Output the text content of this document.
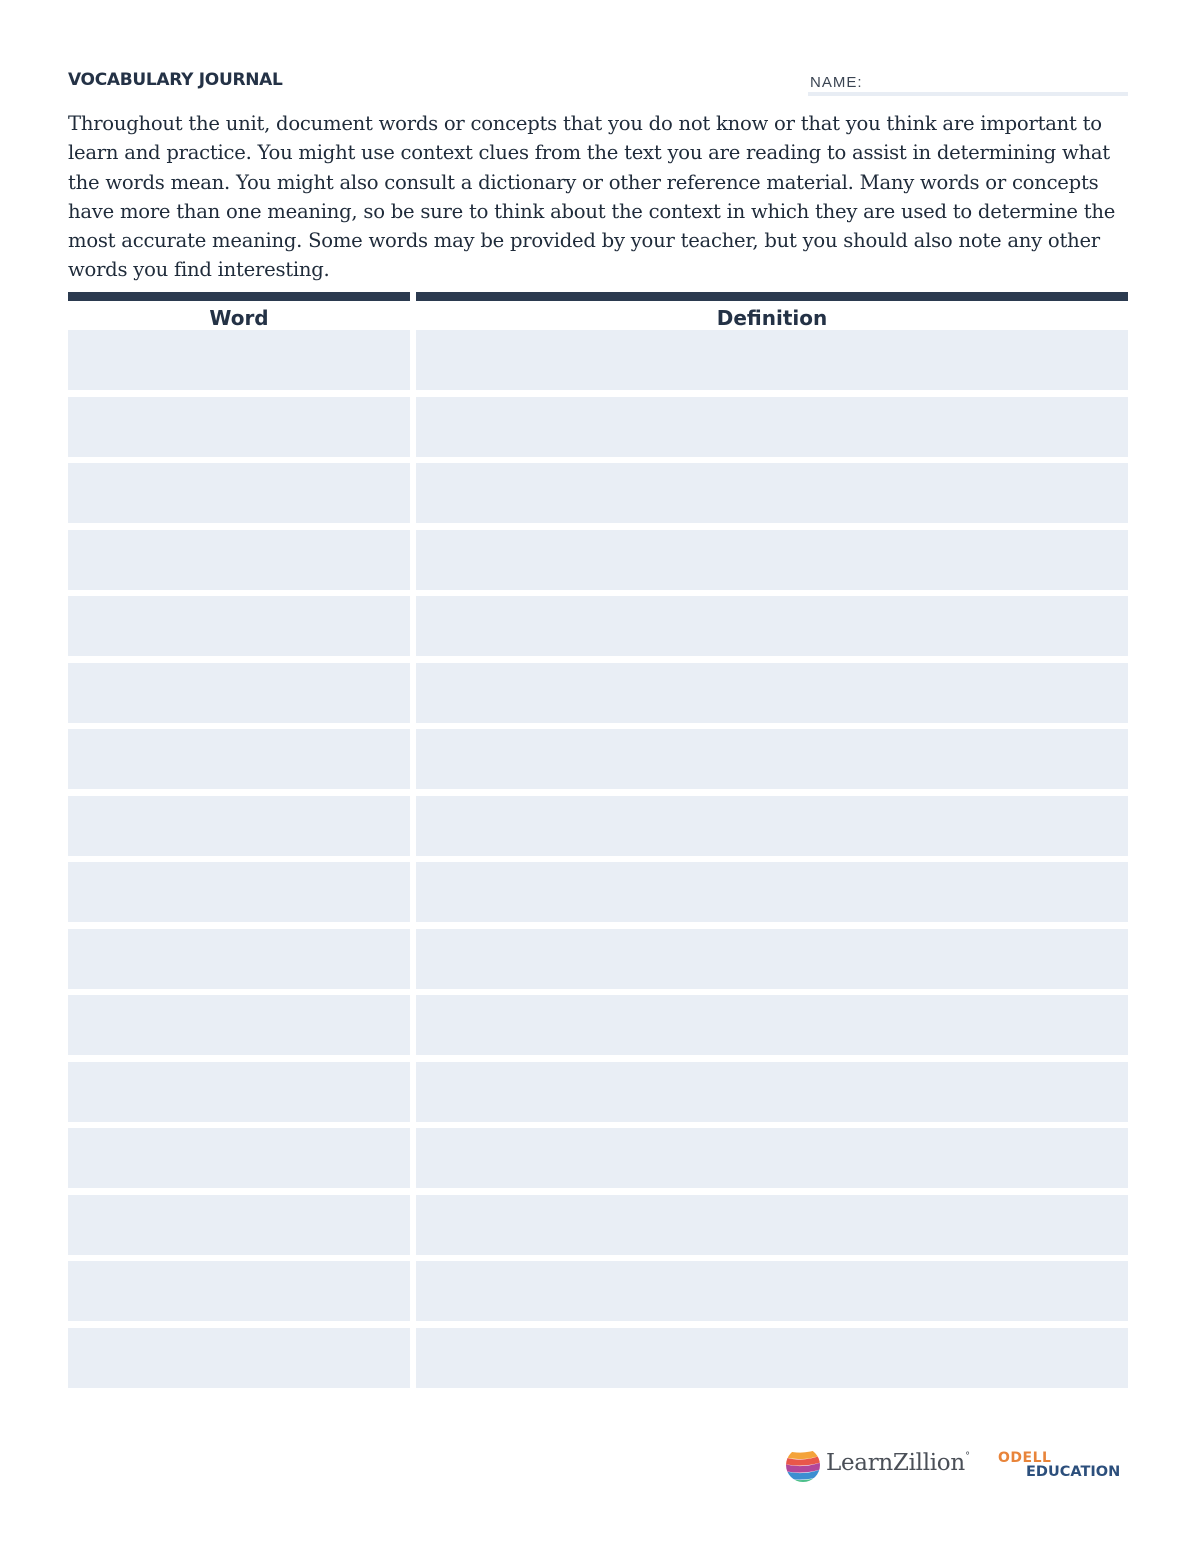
VOCABULARY JOURNAL	NAME:

Throughout the unit, document words or concepts that you do not know or that you think are important to learn and practice. You might use context clues from the text you are reading to assist in determining what the words mean. You might also consult a dictionary or other reference material. Many words or concepts have more than one meaning, so be sure to think about the context in which they are used to determine the most accurate meaning. Some words may be provided by your teacher, but you should also note any other words you find interesting.

Word	Definition
LearnZillion˚ ODELL
EDUCATION
